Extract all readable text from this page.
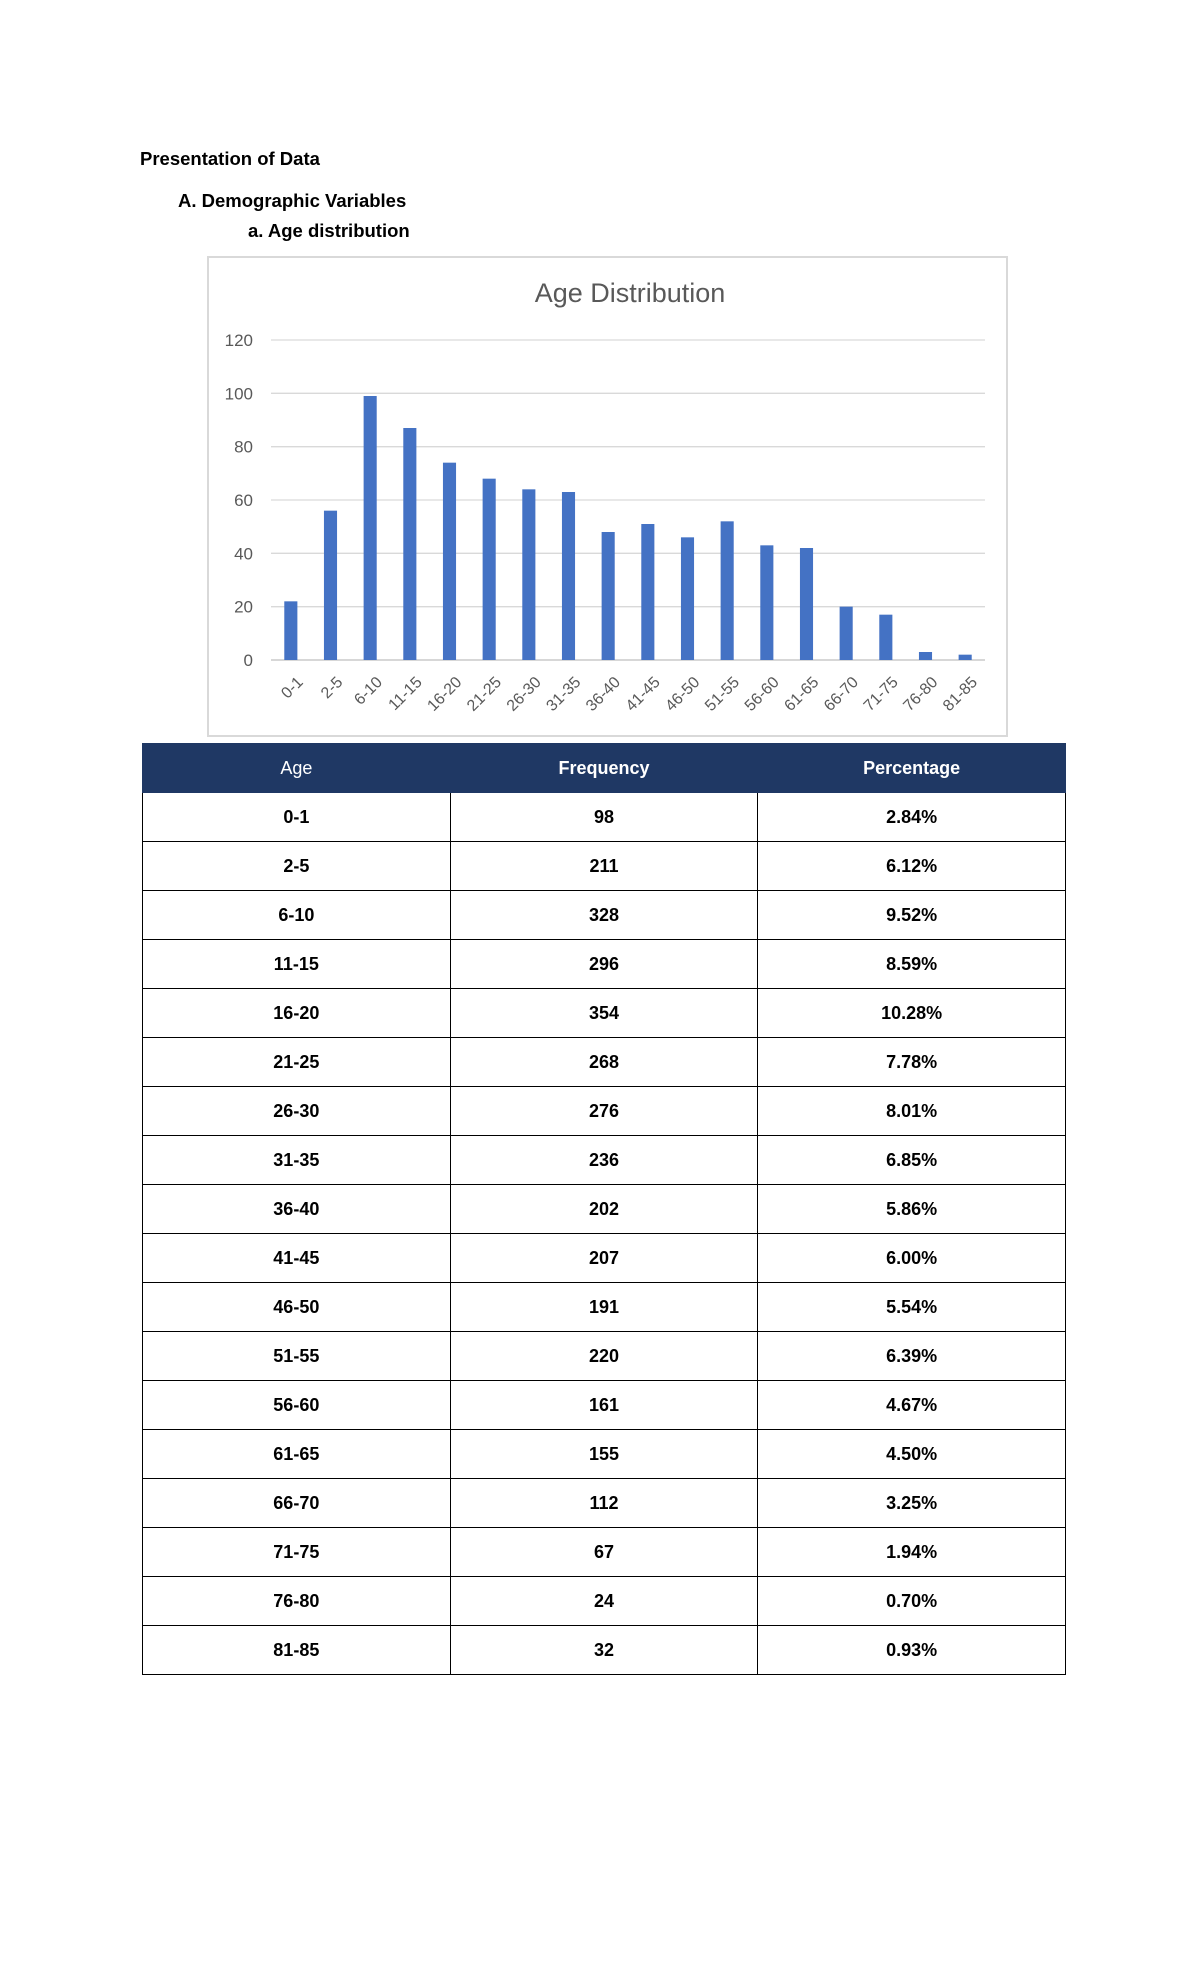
Presentation of Data
A. Demographic Variables
a. Age distribution
Age Distribution
0
20
40
60
80
100
120
0-1 2-5 6-10 11-15
16-20
21-25
26-30
31-35
36-40
41-45
46-50
51-55
56-60
61-65
66-70
71-75
76-80
81-85
Age	Frequency	Percentage
0-1	98	2.84%
2-5	211	6.12%
6-10	328	9.52%
11-15	296	8.59%
16-20	354	10.28%
21-25	268	7.78%
26-30	276	8.01%
31-35	236	6.85%
36-40	202	5.86%
41-45	207	6.00%
46-50	191	5.54%
51-55	220	6.39%
56-60	161	4.67%
61-65	155	4.50%
66-70	112	3.25%
71-75	67	1.94%
76-80	24	0.70%
81-85	32	0.93%
